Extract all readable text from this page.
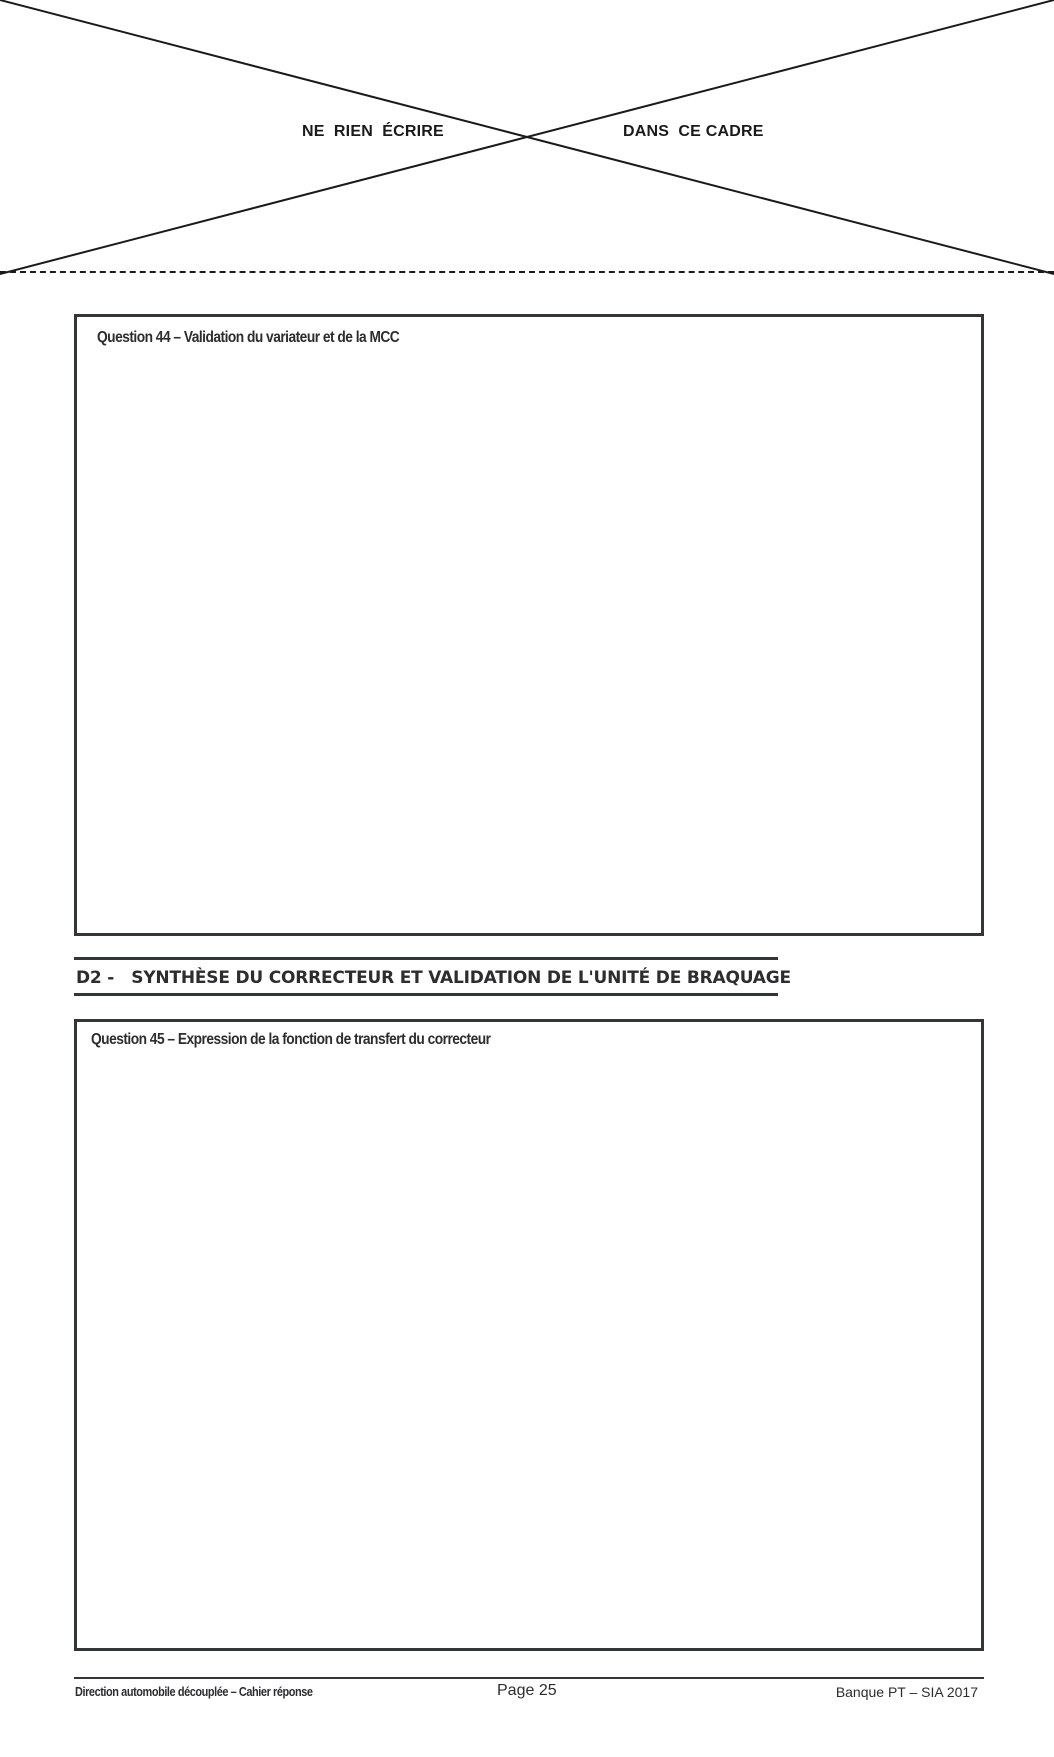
NE  RIEN  ÉCRIRE	DANS  CE CADRE
Question 44 – Validation du variateur et de la MCC
D2 -   SYNTHÈSE DU CORRECTEUR ET VALIDATION DE L'UNITÉ DE BRAQUAGE
Question 45 – Expression de la fonction de transfert du correcteur
Direction automobile découplée – Cahier réponse	Page 25	Banque PT – SIA 2017
